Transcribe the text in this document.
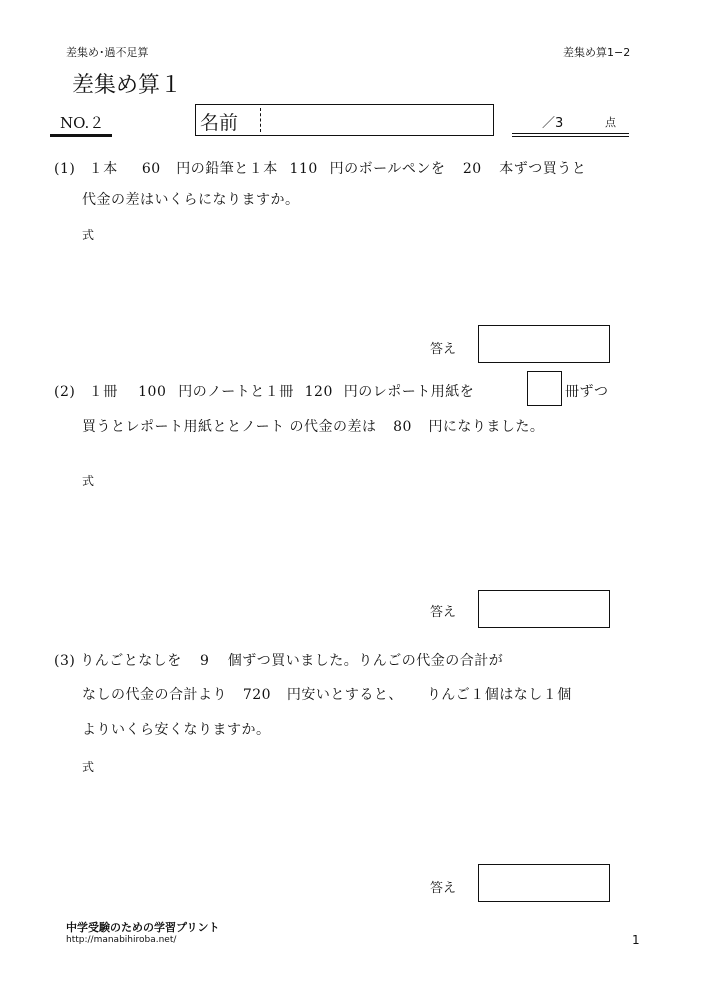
差集め･過不足算	差集め算1−2
差集め算１
NO.２	名前	／3	点
(1) １本 60 円の鉛筆と１本 110 円のボールペンを 20 本ずつ買うと
代金の差はいくらになりますか。
式
答え
(2) １冊 100 円のノートと１冊 120 円のレポート用紙を	冊ずつ
買うとレポート用紙ととノート の代金の差は 80 円になりました。
式
答え
(3) りんごとなしを 9 個ずつ買いました。りんごの代金の合計が
なしの代金の合計より 720 円安いとすると、 りんご１個はなし１個
よりいくら安くなりますか。
式
答え
中学受験のための学習プリント
http://manabihiroba.net/	1
